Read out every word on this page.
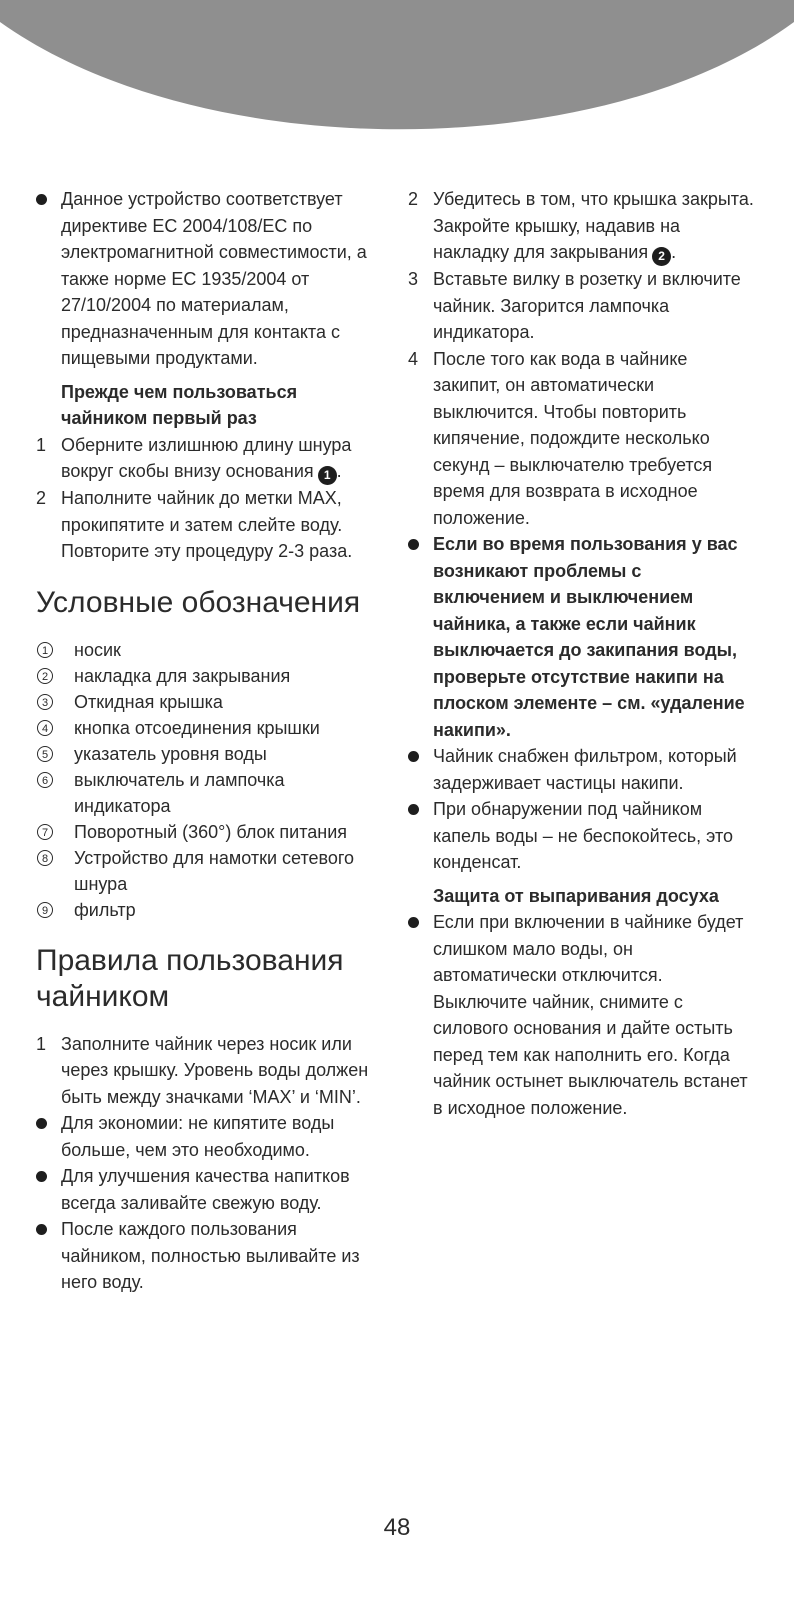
Данное устройство соответствует директиве ЕС 2004/108/ЕС по электромагнитной совместимости, а также норме ЕС 1935/2004 от 27/10/2004 по материалам, предназначенным для контакта с пищевыми продуктами.
Прежде чем пользоваться чайником первый раз
1 Оберните излишнюю длину шнура вокруг скобы внизу основания 1 .
2 Наполните чайник до метки MAX, прокипятите и затем слейте воду. Повторите эту процедуру 2-3 раза.
Условные обозначения
1 носик
2 накладка для закрывания
3 Откидная крышка
4 кнопка отсоединения крышки
5 указатель уровня воды
6 выключатель и лампочка индикатора
7 Поворотный (360°) блок питания
8 Устройство для намотки сетевого шнура
9 фильтр
Правила пользования чайником
1 Заполните чайник через носик или через крышку. Уровень воды должен быть между значками ‘MAX’ и ‘MIN’.
Для экономии: не кипятите воды больше, чем это необходимо.
Для улучшения качества напитков всегда заливайте свежую воду.
После каждого пользования чайником, полностью выливайте из него воду.
2 Убедитесь в том, что крышка закрыта. Закройте крышку, надавив на накладку для закрывания 2 .
3 Вставьте вилку в розетку и включите чайник. Загорится лампочка индикатора.
4 После того как вода в чайнике закипит, он автоматически выключится. Чтобы повторить кипячение, подождите несколько секунд – выключателю требуется время для возврата в исходное положение.
Если во время пользования у вас возникают проблемы с включением и выключением чайника, а также если чайник выключается до закипания воды, проверьте отсутствие накипи на плоском элементе – см. «удаление накипи».
Чайник снабжен фильтром, который задерживает частицы накипи.
При обнаружении под чайником капель воды – не беспокойтесь, это конденсат.
Защита от выпаривания досуха
Если при включении в чайнике будет слишком мало воды, он автоматически отключится. Выключите чайник, снимите с силового основания и дайте остыть перед тем как наполнить его. Когда чайник остынет выключатель встанет в исходное положение.
48
